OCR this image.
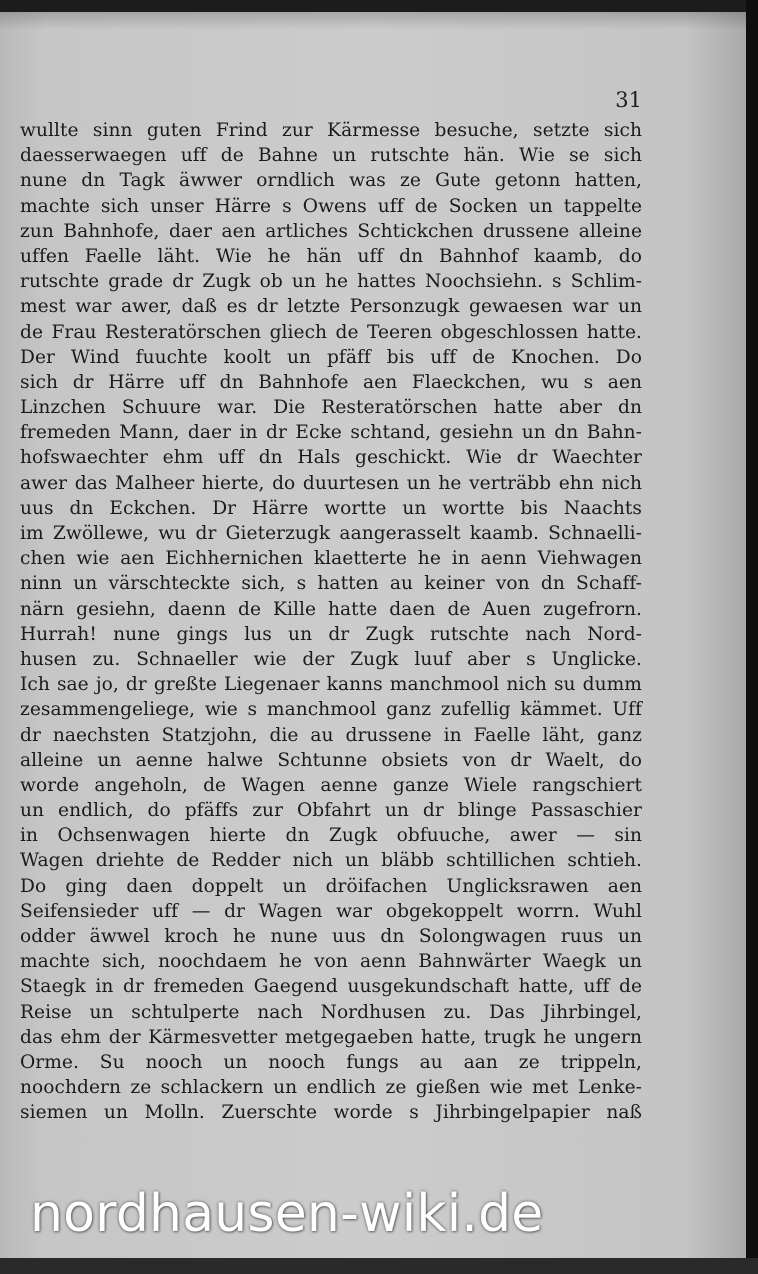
31
wullte sinn guten Frind zur Kärmesse besuche, setzte sich
daesserwaegen uff de Bahne un rutschte hän. Wie se sich
nune dn Tagk äwwer orndlich was ze Gute getonn hatten,
machte sich unser Härre s Owens uff de Socken un tappelte
zun Bahnhofe, daer aen artliches Schtickchen drussene alleine
uffen Faelle läht. Wie he hän uff dn Bahnhof kaamb, do
rutschte grade dr Zugk ob un he hattes Noochsiehn. s Schlim-
mest war awer, daß es dr letzte Personzugk gewaesen war un
de Frau Resteratörschen gliech de Teeren obgeschlossen hatte.
Der Wind fuuchte koolt un pfäff bis uff de Knochen. Do
sich dr Härre uff dn Bahnhofe aen Flaeckchen, wu s aen
Linzchen Schuure war. Die Resteratörschen hatte aber dn
fremeden Mann, daer in dr Ecke schtand, gesiehn un dn Bahn-
hofswaechter ehm uff dn Hals geschickt. Wie dr Waechter
awer das Malheer hierte, do duurtesen un he verträbb ehn nich
uus dn Eckchen. Dr Härre wortte un wortte bis Naachts
im Zwöllewe, wu dr Gieterzugk aangerasselt kaamb. Schnaelli-
chen wie aen Eichhernichen klaetterte he in aenn Viehwagen
ninn un värschteckte sich, s hatten au keiner von dn Schaff-
närn gesiehn, daenn de Kille hatte daen de Auen zugefrorn.
Hurrah! nune gings lus un dr Zugk rutschte nach Nord-
husen zu. Schnaeller wie der Zugk luuf aber s Unglicke.
Ich sae jo, dr greßte Liegenaer kanns manchmool nich su dumm
zesammengeliege, wie s manchmool ganz zufellig kämmet. Uff
dr naechsten Statzjohn, die au drussene in Faelle läht, ganz
alleine un aenne halwe Schtunne obsiets von dr Waelt, do
worde angeholn, de Wagen aenne ganze Wiele rangschiert
un endlich, do pfäffs zur Obfahrt un dr blinge Passaschier
in Ochsenwagen hierte dn Zugk obfuuche, awer — sin
Wagen driehte de Redder nich un bläbb schtillichen schtieh.
Do ging daen doppelt un dröifachen Unglicksrawen aen
Seifensieder uff — dr Wagen war obgekoppelt worrn. Wuhl
odder äwwel kroch he nune uus dn Solongwagen ruus un
machte sich, noochdaem he von aenn Bahnwärter Waegk un
Staegk in dr fremeden Gaegend uusgekundschaft hatte, uff de
Reise un schtulperte nach Nordhusen zu. Das Jihrbingel,
das ehm der Kärmesvetter metgegaeben hatte, trugk he ungern
Orme. Su nooch un nooch fungs au aan ze trippeln,
noochdern ze schlackern un endlich ze gießen wie met Lenke-
siemen un Molln. Zuerschte worde s Jihrbingelpapier naß
nordhausen-wiki.de
